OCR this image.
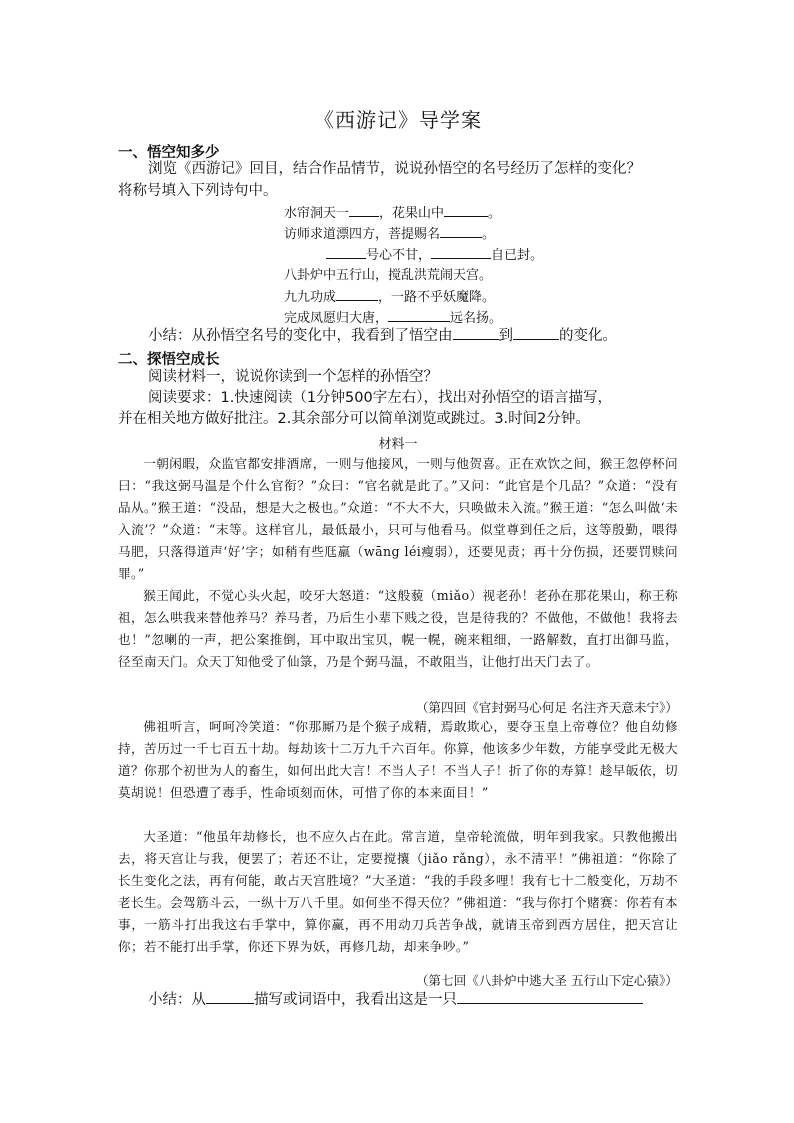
《西游记》导学案
一、悟空知多少
浏览《西游记》回目，结合作品情节，说说孙悟空的名号经历了怎样的变化？
将称号填入下列诗句中。
水帘洞天一 ，花果山中	。
访师求道漂四方，菩提赐名	。
号心不甘，	自已封。
八卦炉中五行山，搅乱洪荒闹天宫。
九九功成	，一路不乎妖魔降。
完成凤愿归大唐，	远名扬。
小结：从孙悟空名号的变化中，我看到了悟空由	到	的变化。
二、探悟空成长
阅读材料一，说说你读到一个怎样的孙悟空？
阅读要求：1.快速阅读（1分钟500字左右），找出对孙悟空的语言描写，
并在相关地方做好批注。2.其余部分可以简单浏览或跳过。3.时间2分钟。
材料一
一朝闲暇，众监官都安排酒席，一则与他接风，一则与他贺喜。正在欢饮之间，猴王忽停杯问曰：“我这弼马温是个什么官衔？”众曰：“官名就是此了。”又问：“此官是个几品？”众道：“没有品从。”猴王道：“没品，想是大之极也。”众道：“不大不大，只唤做未入流。”猴王道：“怎么叫做‘未入流’？”众道：“末等。这样官儿，最低最小，只可与他看马。似堂尊到任之后，这等殷勤，喂得马肥，只落得道声‘好’字；如稍有些尫羸（wāng léi瘦弱），还要见责；再十分伤损，还要罚赎问罪。”
猴王闻此，不觉心头火起，咬牙大怒道：“这般藐（miǎo）视老孙！老孙在那花果山，称王称祖，怎么哄我来替他养马？养马者，乃后生小辈下贱之役，岂是待我的？不做他，不做他！我将去也！”忽喇的一声，把公案推倒，耳中取出宝贝，幌一幌，碗来粗细，一路解数，直打出御马监，径至南天门。众天丁知他受了仙箓，乃是个弼马温，不敢阻当，让他打出天门去了。
（第四回《官封弼马心何足 名注齐天意未宁》）
佛祖听言，呵呵冷笑道：“你那厮乃是个猴子成精，焉敢欺心，要夺玉皇上帝尊位？他自幼修持，苦历过一千七百五十劫。每劫该十二万九千六百年。你算，他该多少年数，方能享受此无极大道？你那个初世为人的畜生，如何出此大言！不当人子！不当人子！折了你的寿算！趁早皈依，切莫胡说！但恐遭了毒手，性命顷刻而休，可惜了你的本来面目！”
大圣道：“他虽年劫修长，也不应久占在此。常言道，皇帝轮流做，明年到我家。只教他搬出去，将天宫让与我，便罢了；若还不让，定要搅攘（jiǎo rǎng），永不清平！”佛祖道：“你除了长生变化之法，再有何能，敢占天宫胜境？”大圣道：“我的手段多哩！我有七十二般变化，万劫不老长生。会驾筋斗云，一纵十万八千里。如何坐不得天位？”佛祖道：“我与你打个赌赛：你若有本事，一筋斗打出我这右手掌中，算你赢，再不用动刀兵苦争战，就请玉帝到西方居住，把天宫让你；若不能打出手掌，你还下界为妖，再修几劫，却来争吵。”
（第七回《八卦炉中逃大圣 五行山下定心猿》）
小结：从	描写或词语中，我看出这是一只
